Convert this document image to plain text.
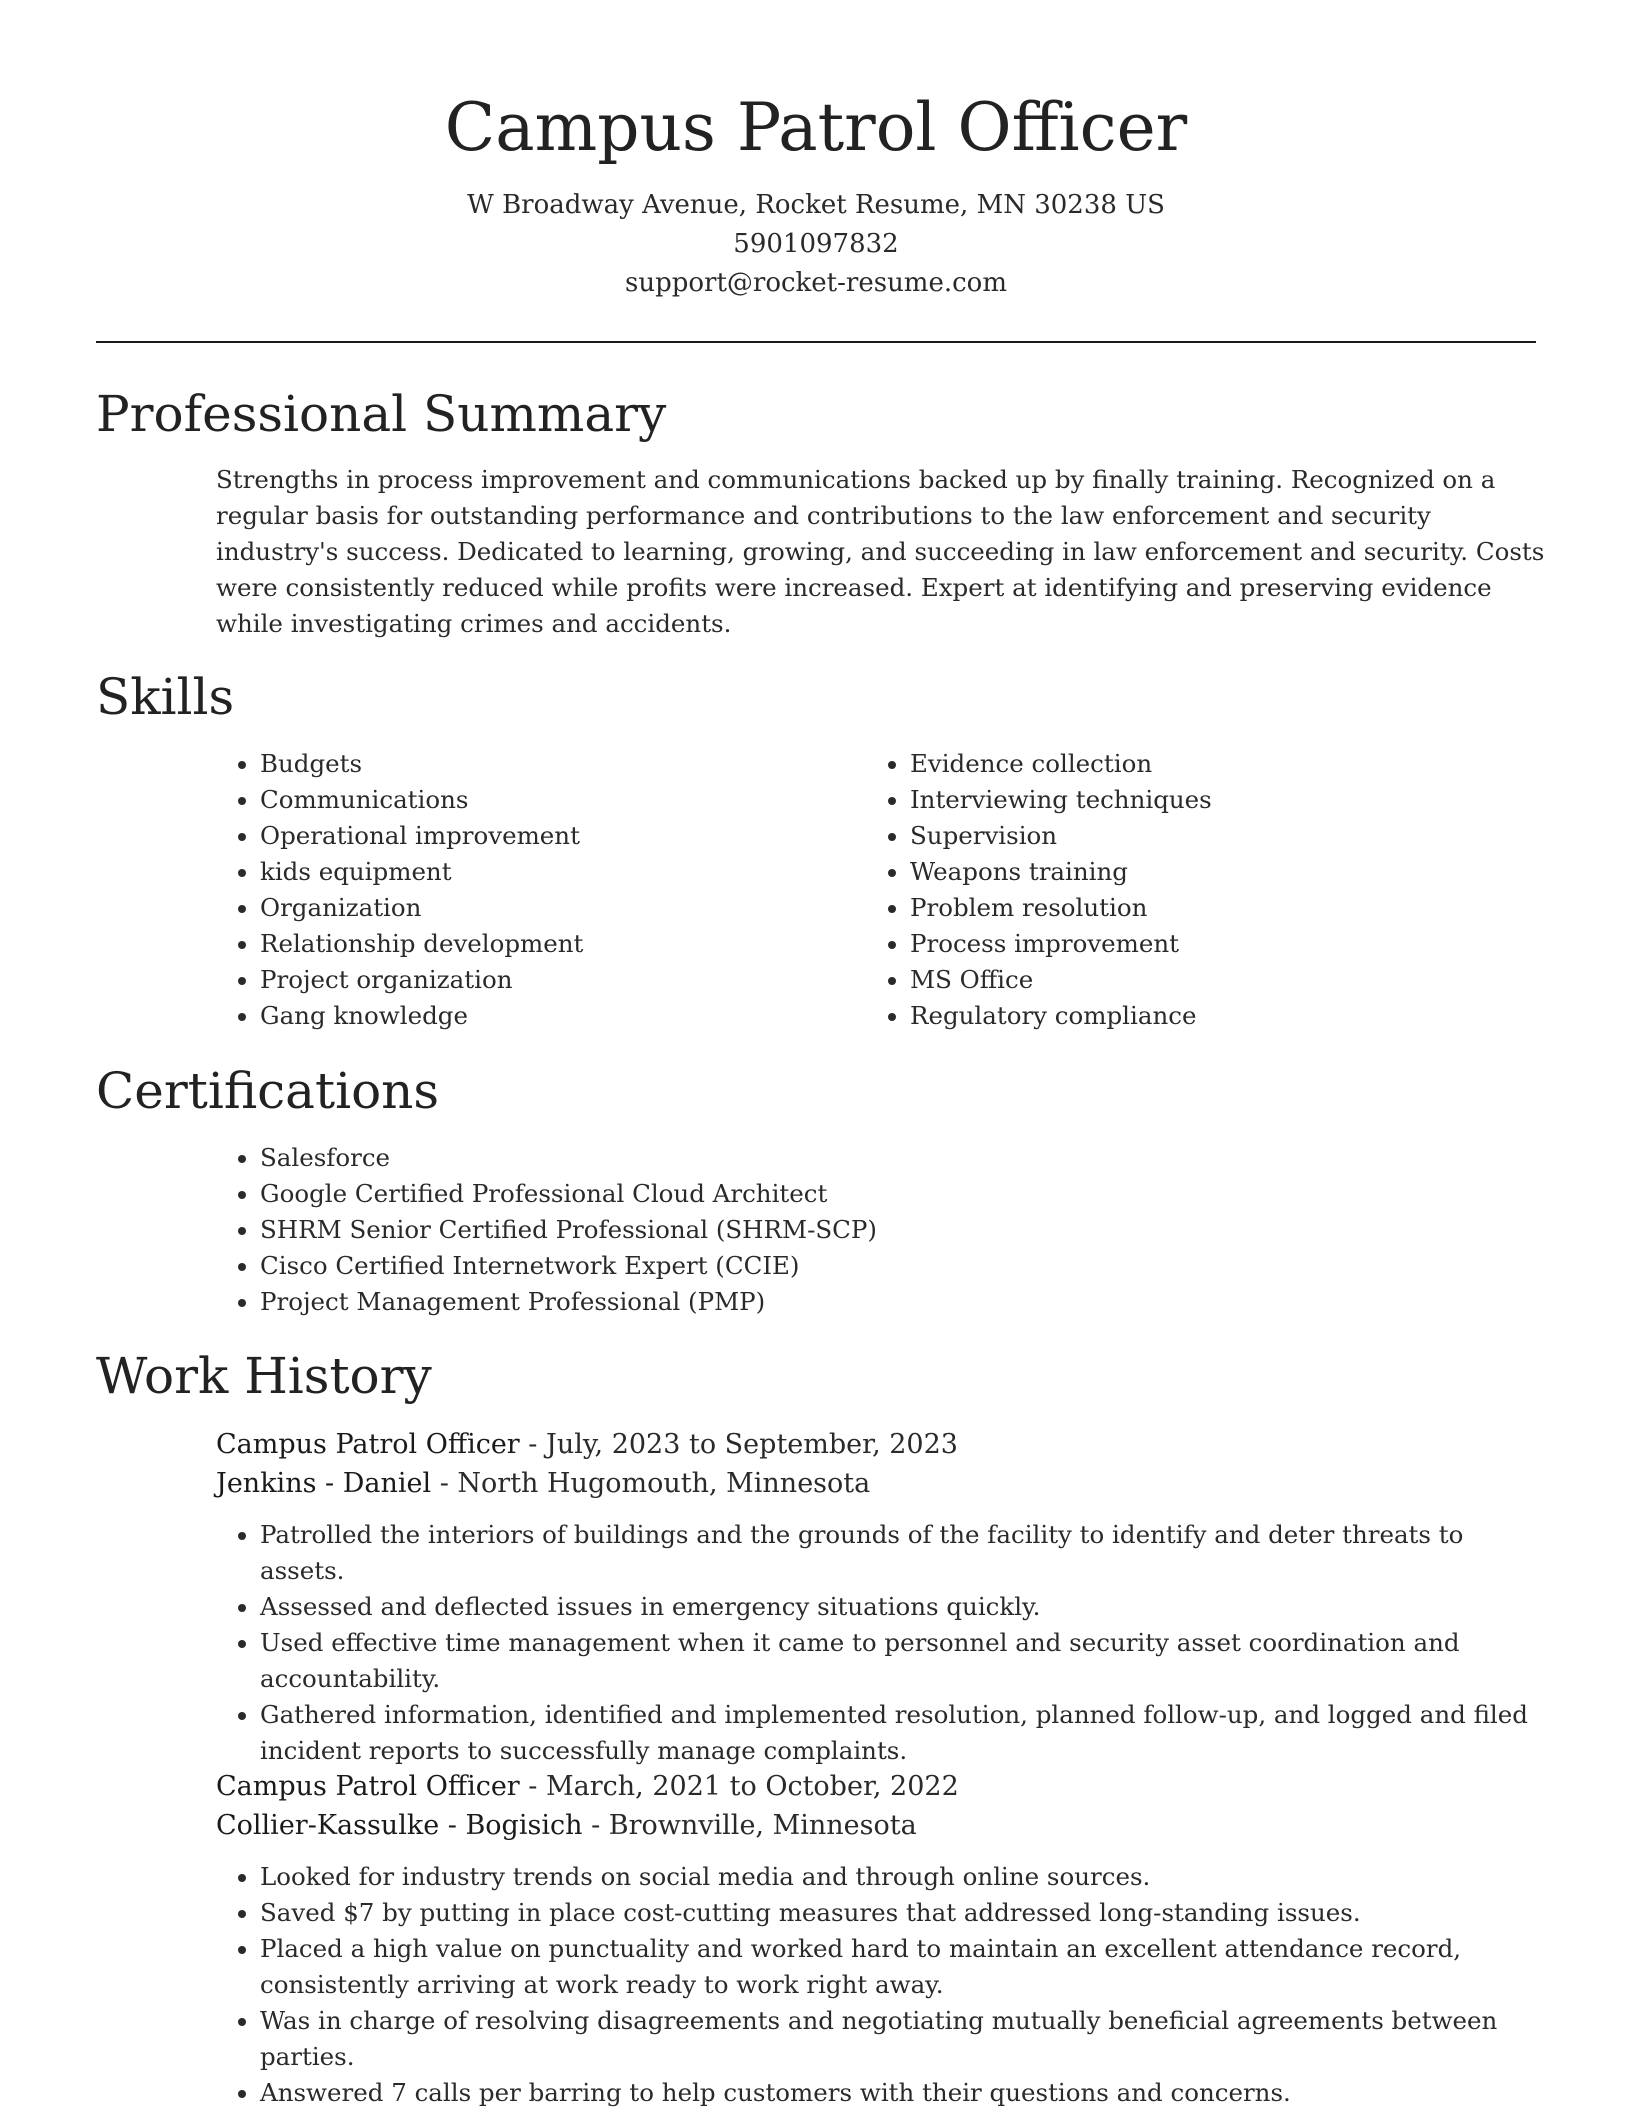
Campus Patrol Officer
W Broadway Avenue, Rocket Resume, MN 30238 US
5901097832
support@rocket-resume.com
Professional Summary

Strengths in process improvement and communications backed up by finally training. Recognized on a regular basis for outstanding performance and contributions to the law enforcement and security industry's success. Dedicated to learning, growing, and succeeding in law enforcement and security. Costs were consistently reduced while profits were increased. Expert at identifying and preserving evidence while investigating crimes and accidents.

Skills
• Budgets
• Communications
• Operational improvement
• kids equipment
• Organization
• Relationship development
• Project organization
• Gang knowledge
• Evidence collection
• Interviewing techniques
• Supervision
• Weapons training
• Problem resolution
• Process improvement
• MS Office
• Regulatory compliance
Certifications
• Salesforce
• Google Certified Professional Cloud Architect
• SHRM Senior Certified Professional (SHRM-SCP)
• Cisco Certified Internetwork Expert (CCIE)
• Project Management Professional (PMP)
Work History
Campus Patrol Officer - July, 2023 to September, 2023
Jenkins - Daniel - North Hugomouth, Minnesota
• Patrolled the interiors of buildings and the grounds of the facility to identify and deter threats to assets.
• Assessed and deflected issues in emergency situations quickly.
• Used effective time management when it came to personnel and security asset coordination and accountability.
• Gathered information, identified and implemented resolution, planned follow-up, and logged and filed incident reports to successfully manage complaints.
Campus Patrol Officer - March, 2021 to October, 2022
Collier-Kassulke - Bogisich - Brownville, Minnesota
• Looked for industry trends on social media and through online sources.
• Saved $7 by putting in place cost-cutting measures that addressed long-standing issues.
• Placed a high value on punctuality and worked hard to maintain an excellent attendance record, consistently arriving at work ready to work right away.
• Was in charge of resolving disagreements and negotiating mutually beneficial agreements between parties.
• Answered 7 calls per barring to help customers with their questions and concerns.
